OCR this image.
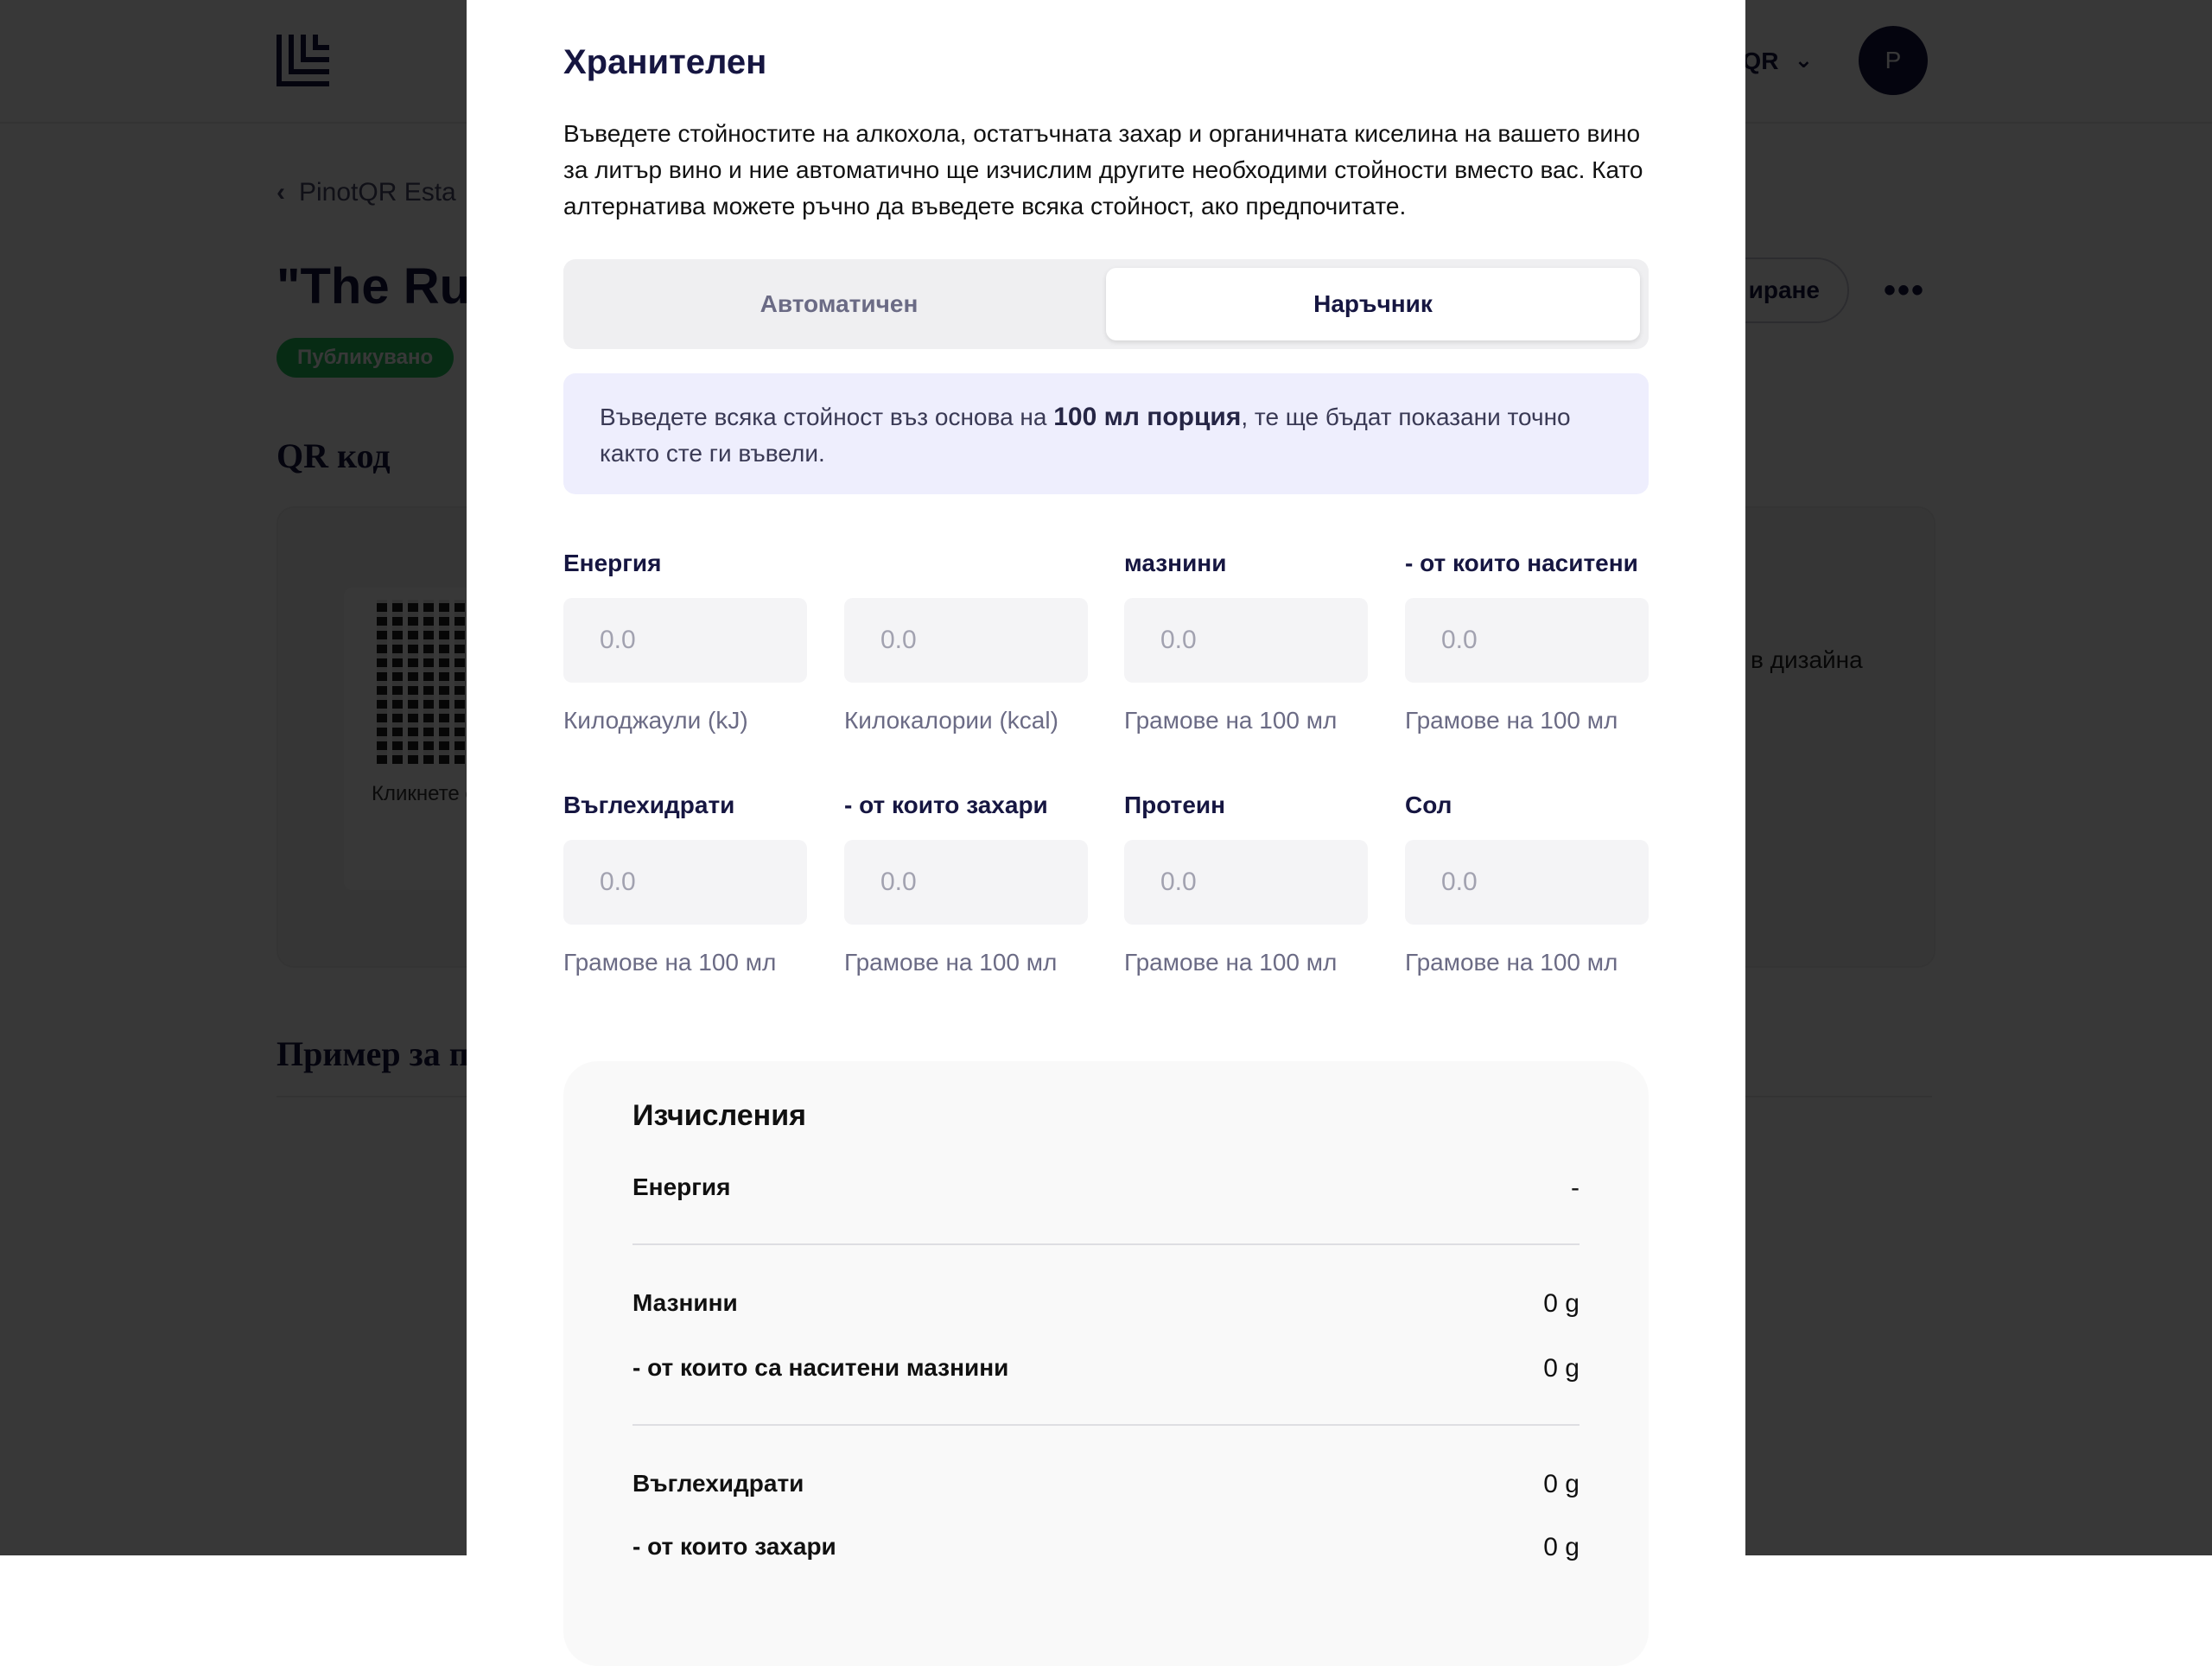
Хранителен
Въведете стойностите на алкохола, остатъчната захар и органичната киселина на вашето вино за литър вино и ние автоматично ще изчислим другите необходими стойности вместо вас. Като алтернатива можете ръчно да въведете всяка стойност, ако предпочитате.
Автоматичен	Наръчник
Въведете всяка стойност въз основа на 100 мл порция, те ще бъдат показани точно както сте ги въвели.
Енергия
0.0
Килоджаули (kJ)
0.0	Килокалории (kcal)
мазнини
0.0
Грамове на 100 мл
- от които наситени
0.0
Грамове на 100 мл
Въглехидрати
0.0
Грамове на 100 мл
- от които захари
0.0
Грамове на 100 мл
Протеин
0.0
Грамове на 100 мл
Сол
0.0
Грамове на 100 мл
Изчисления
Енергия	-
Мазнини	0 g
- от които са наситени мазнини	0 g
Въглехидрати	0 g
- от които захари	0 g
